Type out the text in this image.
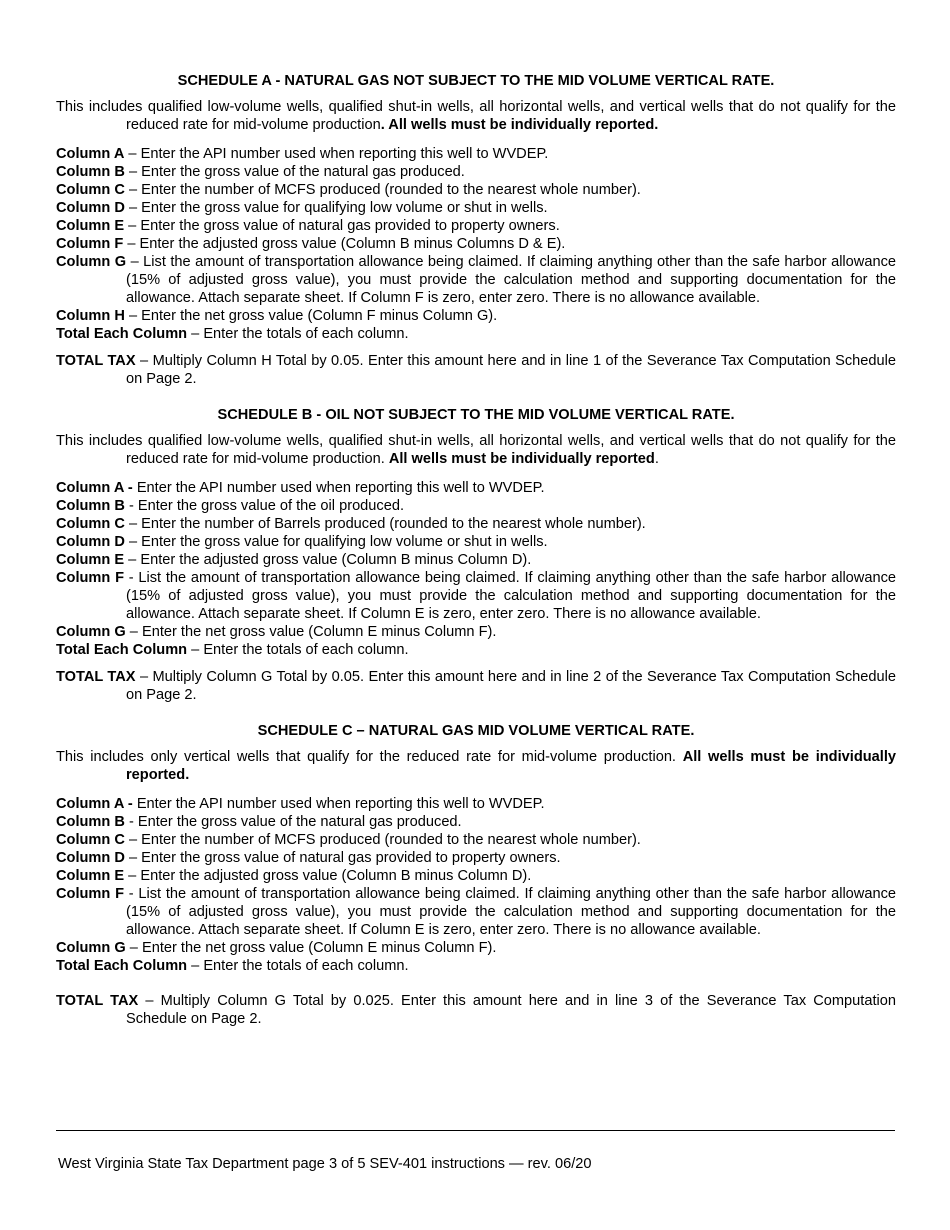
SCHEDULE A - NATURAL GAS NOT SUBJECT TO THE MID VOLUME VERTICAL RATE.

This includes qualified low-volume wells, qualified shut-in wells, all horizontal wells, and vertical wells that do not qualify for the reduced rate for mid-volume production. All wells must be individually reported.

Column A – Enter the API number used when reporting this well to WVDEP.

Column B – Enter the gross value of the natural gas produced.

Column C – Enter the number of MCFS produced (rounded to the nearest whole number).

Column D – Enter the gross value for qualifying low volume or shut in wells.

Column E – Enter the gross value of natural gas provided to property owners.

Column F – Enter the adjusted gross value (Column B minus Columns D & E).

Column G – List the amount of transportation allowance being claimed. If claiming anything other than the safe harbor allowance (15% of adjusted gross value), you must provide the calculation method and supporting documentation for the allowance. Attach separate sheet. If Column F is zero, enter zero. There is no allowance available.

Column H – Enter the net gross value (Column F minus Column G).

Total Each Column – Enter the totals of each column.

TOTAL TAX – Multiply Column H Total by 0.05. Enter this amount here and in line 1 of the Severance Tax Computation Schedule on Page 2.

SCHEDULE B - OIL NOT SUBJECT TO THE MID VOLUME VERTICAL RATE.

This includes qualified low-volume wells, qualified shut-in wells, all horizontal wells, and vertical wells that do not qualify for the reduced rate for mid-volume production. All wells must be individually reported.

Column A - Enter the API number used when reporting this well to WVDEP.

Column B - Enter the gross value of the oil produced.

Column C – Enter the number of Barrels produced (rounded to the nearest whole number).

Column D – Enter the gross value for qualifying low volume or shut in wells.

Column E – Enter the adjusted gross value (Column B minus Column D).

Column F - List the amount of transportation allowance being claimed. If claiming anything other than the safe harbor allowance (15% of adjusted gross value), you must provide the calculation method and supporting documentation for the allowance. Attach separate sheet. If Column E is zero, enter zero. There is no allowance available.

Column G – Enter the net gross value (Column E minus Column F).

Total Each Column – Enter the totals of each column.

TOTAL TAX – Multiply Column G Total by 0.05. Enter this amount here and in line 2 of the Severance Tax Computation Schedule on Page 2.

SCHEDULE C – NATURAL GAS MID VOLUME VERTICAL RATE.

This includes only vertical wells that qualify for the reduced rate for mid-volume production. All wells must be individually reported.

Column A - Enter the API number used when reporting this well to WVDEP.

Column B - Enter the gross value of the natural gas produced.

Column C – Enter the number of MCFS produced (rounded to the nearest whole number).

Column D – Enter the gross value of natural gas provided to property owners.

Column E – Enter the adjusted gross value (Column B minus Column D).

Column F - List the amount of transportation allowance being claimed. If claiming anything other than the safe harbor allowance (15% of adjusted gross value), you must provide the calculation method and supporting documentation for the allowance. Attach separate sheet. If Column E is zero, enter zero. There is no allowance available.

Column G – Enter the net gross value (Column E minus Column F).

Total Each Column – Enter the totals of each column.

TOTAL TAX – Multiply Column G Total by 0.025. Enter this amount here and in line 3 of the Severance Tax Computation Schedule on Page 2.

West Virginia State Tax Department page 3 of 5 SEV-401 instructions — rev. 06/20
